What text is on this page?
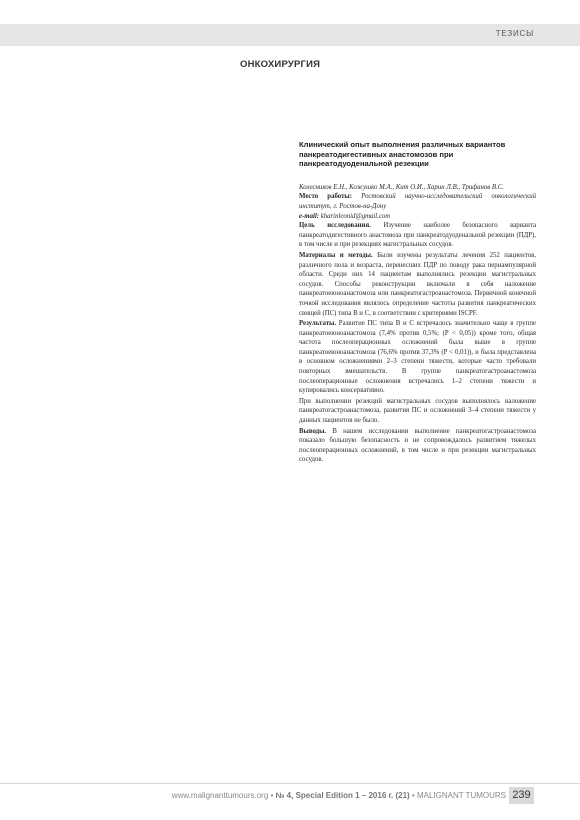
ТЕЗИСЫ
ОНКОХИРУРГИЯ
Клинический опыт выполнения различных вариантов панкреатодигестивных анастомозов при панкреатодуоденальной резекции
Колесников Е.Н., Кожушко М.А., Кит О.И., Харин Л.В., Трифанов В.С.
Место работы: Ростовский научно-исследовательский онкологический институт, г. Ростов-на-Дону
e-mail: kharinleonid@gmail.com
Цель исследования. Изучение наиболее безопасного варианта панкреатодигестивного анастомоза при панкреатодуоденальной резекции (ПДР), в том числе и при резекциях магистральных сосудов.
Материалы и методы. Были изучены результаты лечения 252 пациентов, различного пола и возраста, перенесших ПДР по поводу рака периампулярной области. Среди них 14 пациентам выполнялись резекции магистральных сосудов. Способы реконструкции включали в себя наложение панкреатоеюноанастомоза или панкреатогастроанастомоза. Первичной конечной точкой исследования являлось определение частоты развития панкреатических свищей (ПС) типа B и C, в соответствии с критериями ISCPF.
Результаты. Развитие ПС типа B и C встречалось значительно чаще в группе панкреатоеюноанастомоза (7,4% против 0,5%; (P < 0,05)) кроме того, общая частота послеоперационных осложнений была выше в группе панкреатоеюноанастомоза (76,6% против 37,3% (P < 0,01)), и была представлена в основном осложнениями 2–3 степени тяжести, которые часто требовали повторных вмешательств. В группе панкреатогастроанастомоза послеоперационные осложнения встречались 1–2 степени тяжести и купировались консервативно.
При выполнении резекций магистральных сосудов выполнялось наложение панкреатогастроанастомоза, развития ПС и осложнений 3–4 степени тяжести у данных пациентов не было.
Выводы. В нашем исследовании выполнение панкреатогастроанастомоза показало большую безопасность и не сопровождалось развитием тяжелых послеоперационных осложнений, в том числе и при резекции магистральных сосудов.
www.malignanttumours.org • № 4, Special Edition 1 – 2016 г. (21) • MALIGNANT TUMOURS 239
